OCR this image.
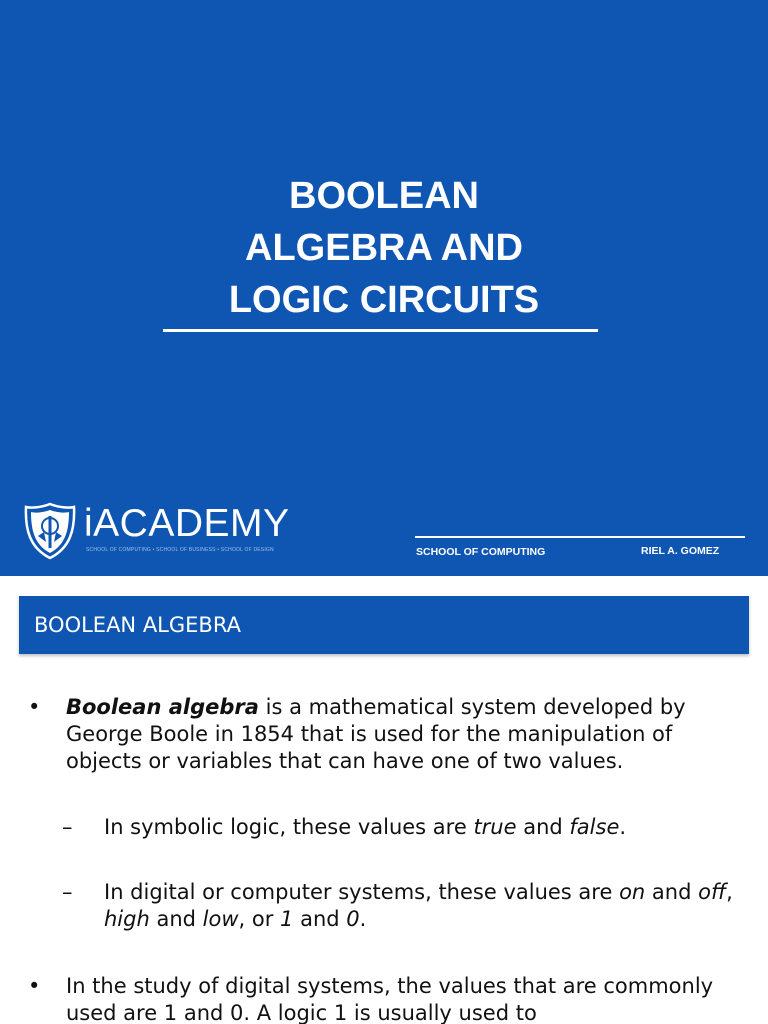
BOOLEAN
ALGEBRA AND
LOGIC CIRCUITS
iACADEMY
SCHOOL OF COMPUTING • SCHOOL OF BUSINESS • SCHOOL OF DESIGN	SCHOOL OF COMPUTING	RIEL A. GOMEZ
BOOLEAN ALGEBRA
• Boolean algebra is a mathematical system developed by George Boole in 1854 that is used for the manipulation of objects or variables that can have one of two values.
– In symbolic logic, these values are true and false.
– In digital or computer systems, these values are on and off, high and low, or 1 and 0.
• In the study of digital systems, the values that are commonly used are 1 and 0. A logic 1 is usually used to
